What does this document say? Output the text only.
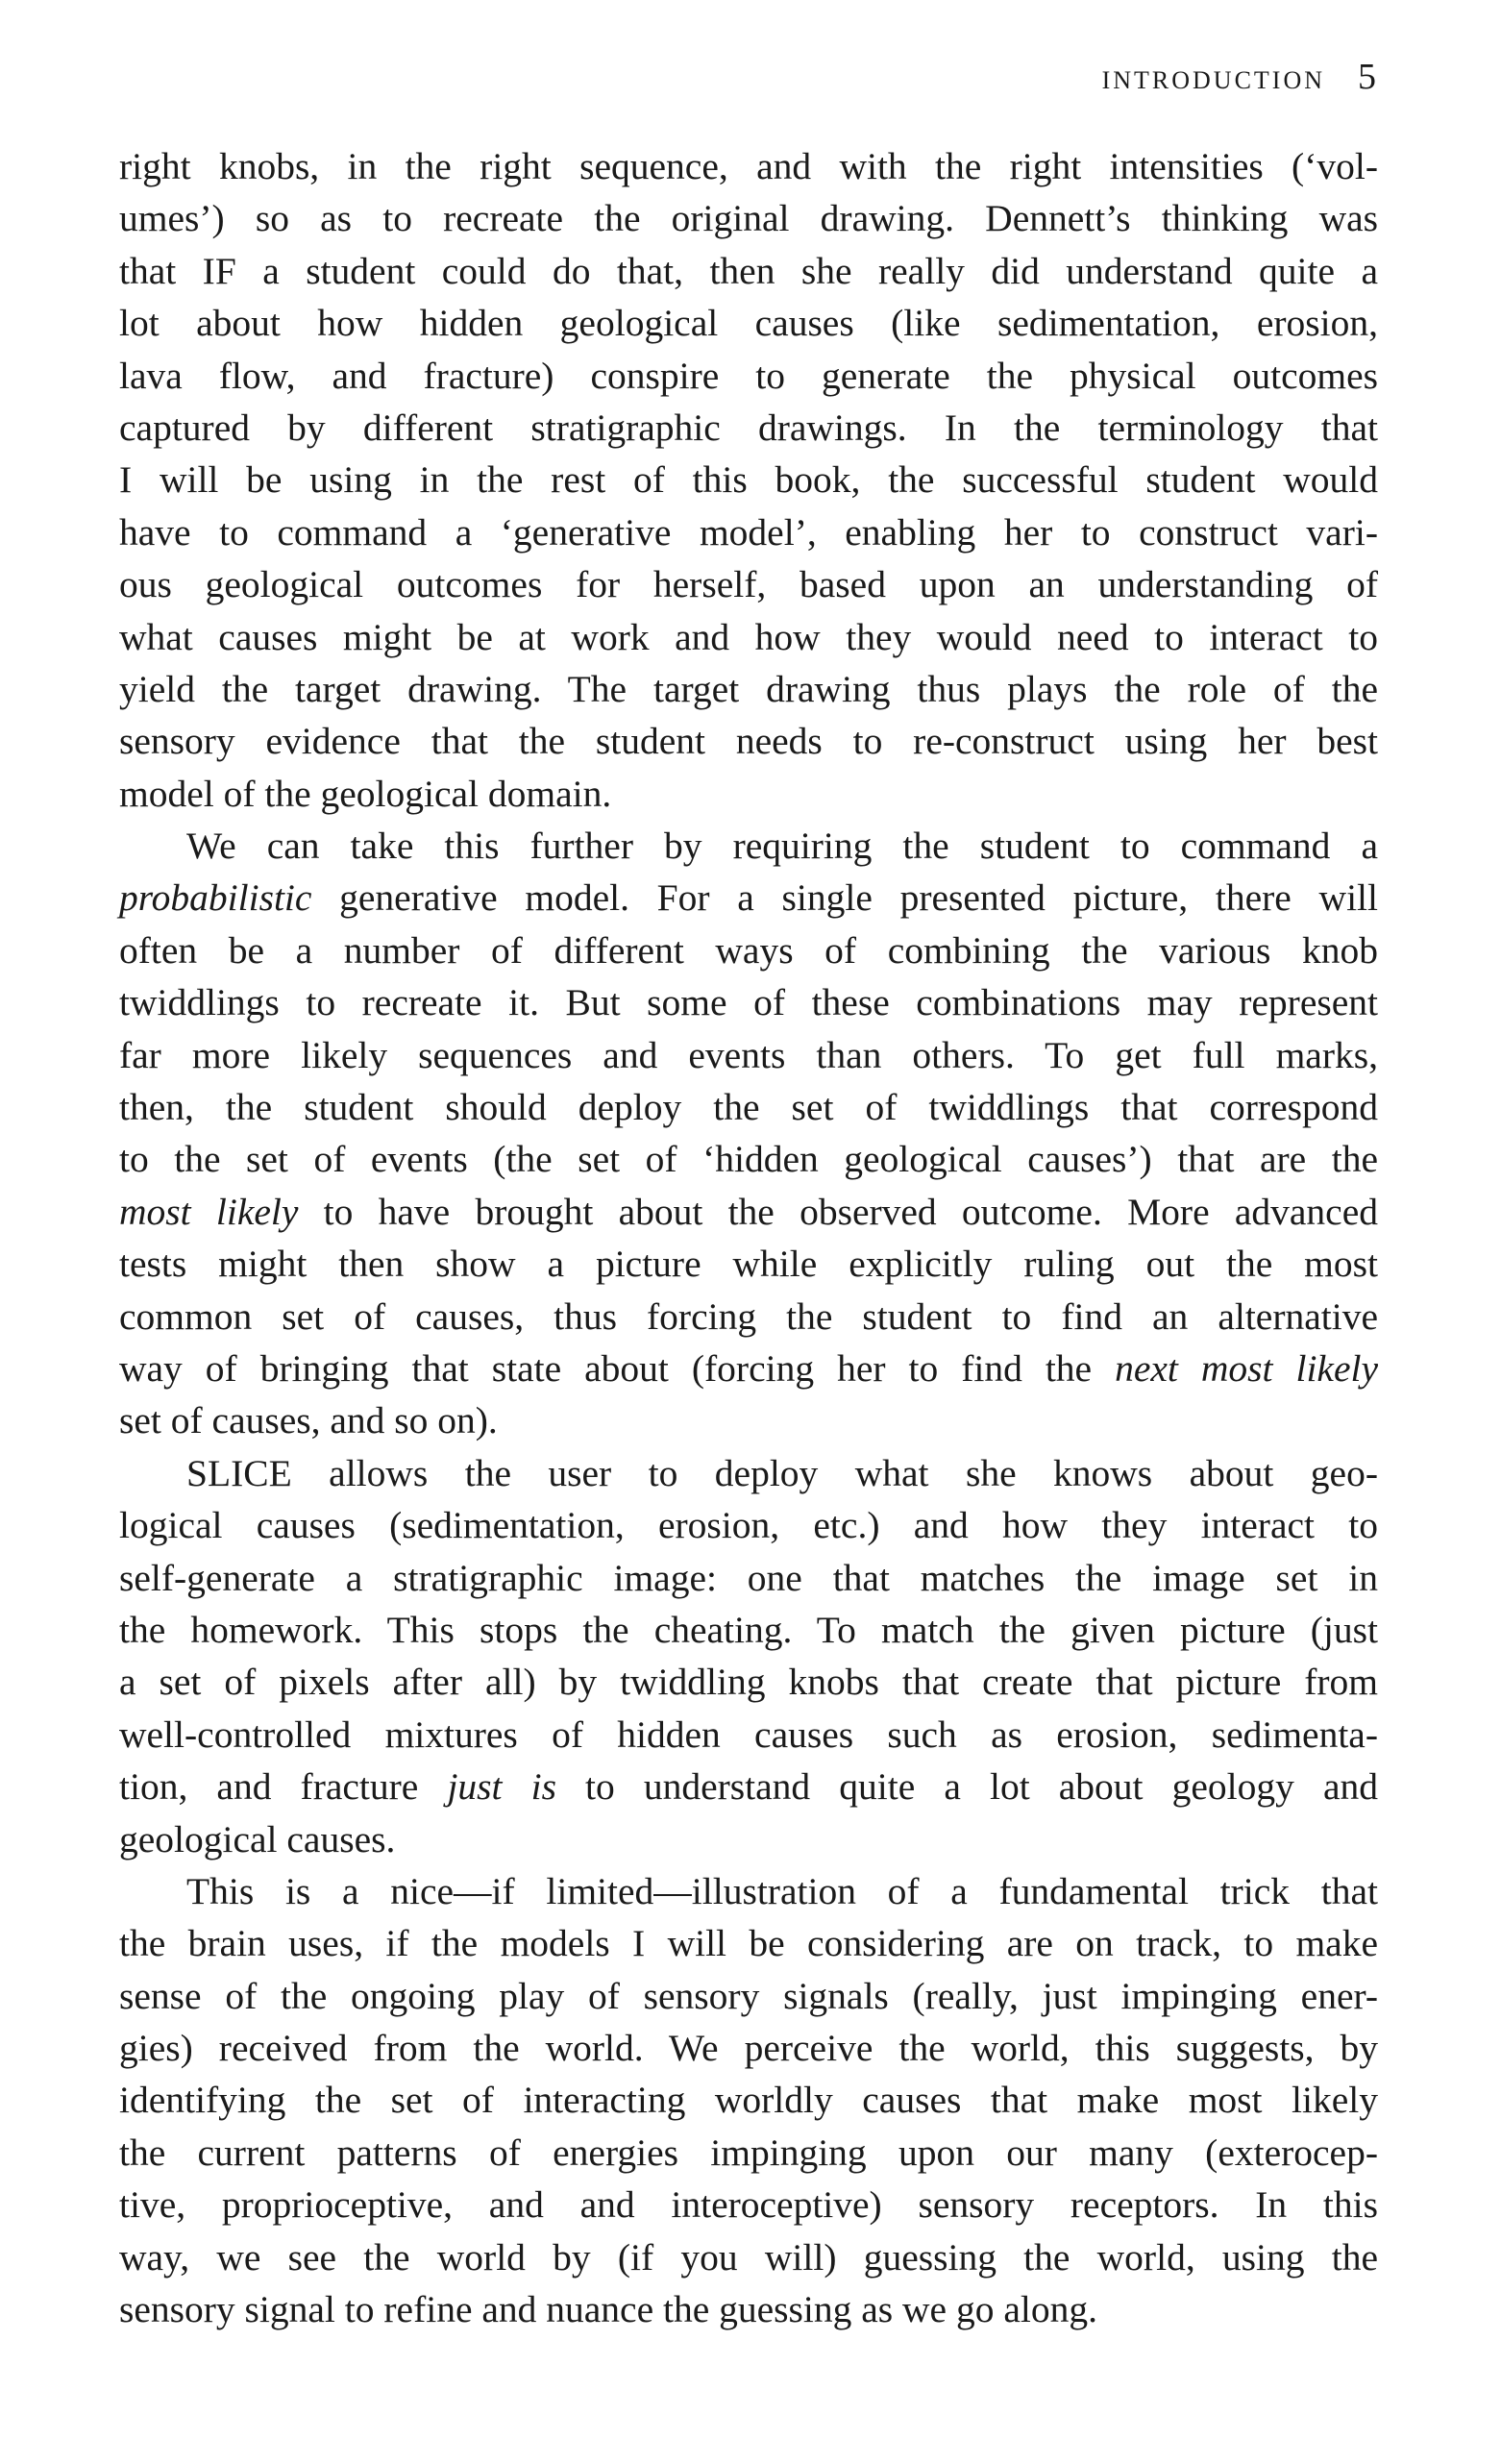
INTRODUCTION 5
right knobs, in the right sequence, and with the right intensities (‘vol-
umes’) so as to recreate the original drawing. Dennett’s thinking was
that IF a student could do that, then she really did understand quite a
lot about how hidden geological causes (like sedimentation, erosion,
lava flow, and fracture) conspire to generate the physical outcomes
captured by different stratigraphic drawings. In the terminology that
I will be using in the rest of this book, the successful student would
have to command a ‘generative model’, enabling her to construct vari-
ous geological outcomes for herself, based upon an understanding of
what causes might be at work and how they would need to interact to
yield the target drawing. The target drawing thus plays the role of the
sensory evidence that the student needs to re-construct using her best
model of the geological domain.
We can take this further by requiring the student to command a
probabilistic generative model. For a single presented picture, there will
often be a number of different ways of combining the various knob
twiddlings to recreate it. But some of these combinations may represent
far more likely sequences and events than others. To get full marks,
then, the student should deploy the set of twiddlings that correspond
to the set of events (the set of ‘hidden geological causes’) that are the
most likely to have brought about the observed outcome. More advanced
tests might then show a picture while explicitly ruling out the most
common set of causes, thus forcing the student to find an alternative
way of bringing that state about (forcing her to find the next most likely
set of causes, and so on).
SLICE allows the user to deploy what she knows about geo-
logical causes (sedimentation, erosion, etc.) and how they interact to
self-generate a stratigraphic image: one that matches the image set in
the homework. This stops the cheating. To match the given picture (just
a set of pixels after all) by twiddling knobs that create that picture from
well-controlled mixtures of hidden causes such as erosion, sedimenta-
tion, and fracture just is to understand quite a lot about geology and
geological causes.
This is a nice—if limited—illustration of a fundamental trick that
the brain uses, if the models I will be considering are on track, to make
sense of the ongoing play of sensory signals (really, just impinging ener-
gies) received from the world. We perceive the world, this suggests, by
identifying the set of interacting worldly causes that make most likely
the current patterns of energies impinging upon our many (exterocep-
tive, proprioceptive, and and interoceptive) sensory receptors. In this
way, we see the world by (if you will) guessing the world, using the
sensory signal to refine and nuance the guessing as we go along.
